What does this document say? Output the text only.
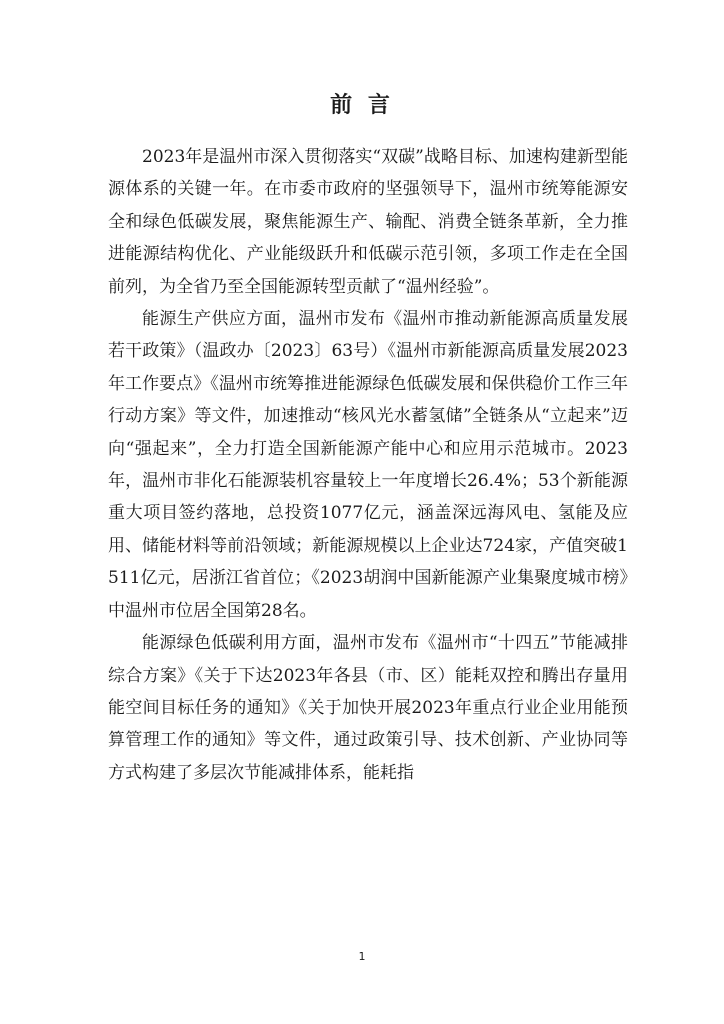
前 言

2023年是温州市深入贯彻落实“双碳”战略目标、加速构建新型能源体系的关键一年。在市委市政府的坚强领导下，温州市统筹能源安全和绿色低碳发展，聚焦能源生产、输配、消费全链条革新，全力推进能源结构优化、产业能级跃升和低碳示范引领，多项工作走在全国前列，为全省乃至全国能源转型贡献了“温州经验”。

能源生产供应方面，温州市发布《温州市推动新能源高质量发展若干政策》（温政办〔2023〕63号）《温州市新能源高质量发展2023年工作要点》《温州市统筹推进能源绿色低碳发展和保供稳价工作三年行动方案》等文件，加速推动“核风光水蓄氢储”全链条从“立起来”迈向“强起来”，全力打造全国新能源产能中心和应用示范城市。2023年，温州市非化石能源装机容量较上一年度增长26.4%；53个新能源重大项目签约落地，总投资1077亿元，涵盖深远海风电、氢能及应用、储能材料等前沿领域；新能源规模以上企业达724家，产值突破1511亿元，居浙江省首位；《2023胡润中国新能源产业集聚度城市榜》中温州市位居全国第28名。

能源绿色低碳利用方面，温州市发布《温州市“十四五”节能减排综合方案》《关于下达2023年各县（市、区）能耗双控和腾出存量用能空间目标任务的通知》《关于加快开展2023年重点行业企业用能预算管理工作的通知》等文件，通过政策引导、技术创新、产业协同等方式构建了多层次节能减排体系，能耗指

1
